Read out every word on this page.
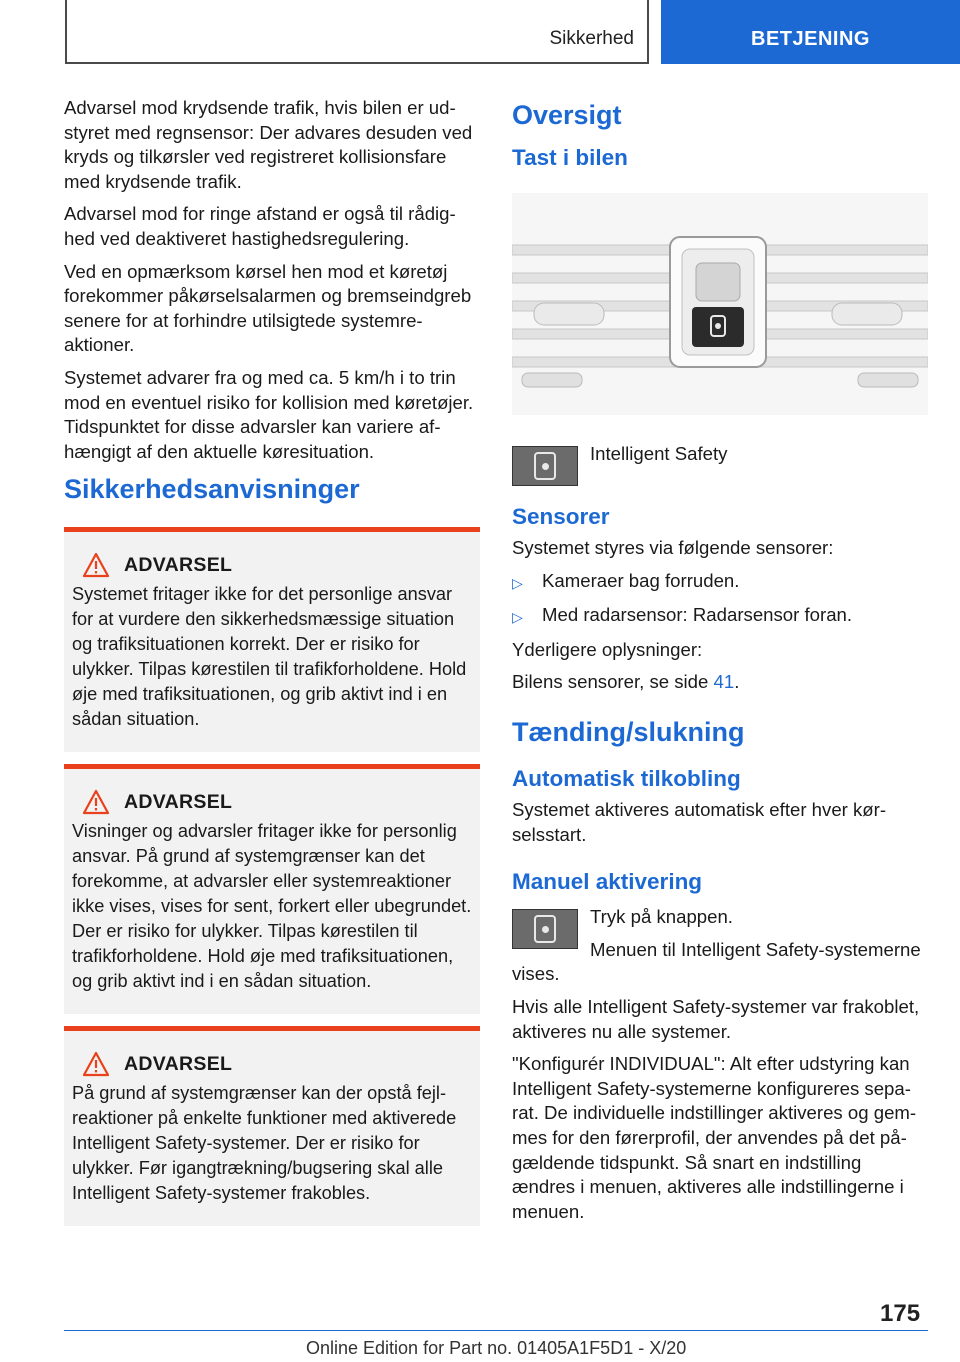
Sikkerhed	BETJENING

Advarsel mod krydsende trafik, hvis bilen er udstyret med regnsensor: Der advares desuden ved kryds og tilkørsler ved registreret kollisionsfare med krydsende trafik.

Advarsel mod for ringe afstand er også til rådighed ved deaktiveret hastighedsregulering.

Ved en opmærksom kørsel hen mod et køretøj forekommer påkørselsalarmen og bremseindgreb senere for at forhindre utilsigtede systemreaktioner.

Systemet advarer fra og med ca. 5 km/h i to trin mod en eventuel risiko for kollision med køretøjer. Tidspunktet for disse advarsler kan variere afhængigt af den aktuelle køresituation.

Sikkerhedsanvisninger
ADVARSEL

Systemet fritager ikke for det personlige ansvar for at vurdere den sikkerhedsmæssige situation og trafiksituationen korrekt. Der er risiko for ulykker. Tilpas kørestilen til trafikforholdene. Hold øje med trafiksituationen, og grib aktivt ind i en sådan situation.

ADVARSEL

Visninger og advarsler fritager ikke for personlig ansvar. På grund af systemgrænser kan det forekomme, at advarsler eller systemreaktioner ikke vises, vises for sent, forkert eller ubegrundet. Der er risiko for ulykker. Tilpas kørestilen til trafikforholdene. Hold øje med trafiksituationen, og grib aktivt ind i en sådan situation.

ADVARSEL

På grund af systemgrænser kan der opstå fejlreaktioner på enkelte funktioner med aktiverede Intelligent Safety-systemer. Der er risiko for ulykker. Før igangtrækning/bugsering skal alle Intelligent Safety-systemer frakobles.

Oversigt
Tast i bilen

Intelligent Safety

Sensorer

Systemet styres via følgende sensorer:

▷	Kameraer bag forruden.
▷	Med radarsensor: Radarsensor foran.

Yderligere oplysninger:

Bilens sensorer, se side 41.

Tænding/slukning
Automatisk tilkobling

Systemet aktiveres automatisk efter hver kørselsstart.

Manuel aktivering

Tryk på knappen.

Menuen til Intelligent Safety-systemerne vises.

Hvis alle Intelligent Safety-systemer var frakoblet, aktiveres nu alle systemer.

"Konfigurér INDIVIDUAL": Alt efter udstyring kan Intelligent Safety-systemerne konfigureres separat. De individuelle indstillinger aktiveres og gemmes for den førerprofil, der anvendes på det pågældende tidspunkt. Så snart en indstilling ændres i menuen, aktiveres alle indstillingerne i menuen.

175
Online Edition for Part no. 01405A1F5D1 - X/20
